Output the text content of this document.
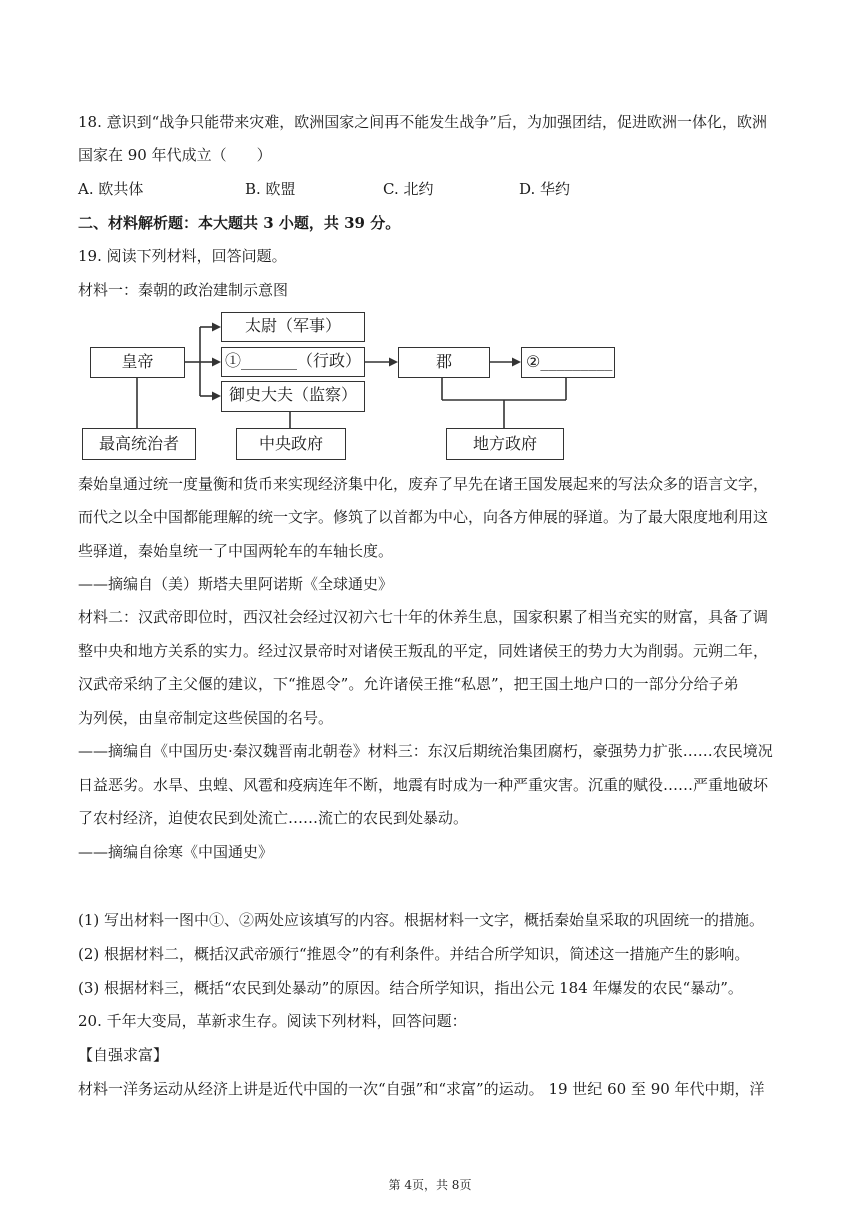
18. 意识到“战争只能带来灾难，欧洲国家之间再不能发生战争”后，为加强团结，促进欧洲一体化，欧洲
国家在 90 年代成立（　　）
A. 欧共体	B. 欧盟	C. 北约	D. 华约
二、材料解析题：本大题共 3 小题，共 39 分。
19. 阅读下列材料，回答问题。
材料一：秦朝的政治建制示意图
皇帝
太尉（军事）
①_______（行政）
御史大夫（监察）
郡	②_________
最高统治者	中央政府	地方政府
秦始皇通过统一度量衡和货币来实现经济集中化，废弃了早先在诸王国发展起来的写法众多的语言文字，
而代之以全中国都能理解的统一文字。修筑了以首都为中心，向各方伸展的驿道。为了最大限度地利用这
些驿道，秦始皇统一了中国两轮车的车轴长度。
——摘编自（美）斯塔夫里阿诺斯《全球通史》
材料二：汉武帝即位时，西汉社会经过汉初六七十年的休养生息，国家积累了相当充实的财富，具备了调
整中央和地方关系的实力。经过汉景帝时对诸侯王叛乱的平定，同姓诸侯王的势力大为削弱。元朔二年，
汉武帝采纳了主父偃的建议，下“推恩令”。允许诸侯王推“私恩”，把王国土地户口的一部分分给子弟
为列侯，由皇帝制定这些侯国的名号。
——摘编自《中国历史·秦汉魏晋南北朝卷》材料三：东汉后期统治集团腐朽，豪强势力扩张……农民境况
日益恶劣。水旱、虫蝗、风雹和疫病连年不断，地震有时成为一种严重灾害。沉重的赋役……严重地破坏
了农村经济，迫使农民到处流亡……流亡的农民到处暴动。
——摘编自徐寒《中国通史》
(1) 写出材料一图中①、②两处应该填写的内容。根据材料一文字，概括秦始皇采取的巩固统一的措施。
(2) 根据材料二，概括汉武帝颁行“推恩令”的有利条件。并结合所学知识，简述这一措施产生的影响。
(3) 根据材料三，概括“农民到处暴动”的原因。结合所学知识，指出公元 184 年爆发的农民“暴动”。
20. 千年大变局，革新求生存。阅读下列材料，回答问题：
【自强求富】
材料一洋务运动从经济上讲是近代中国的一次“自强”和“求富”的运动。 19 世纪 60 至 90 年代中期，洋
第 4页，共 8页
